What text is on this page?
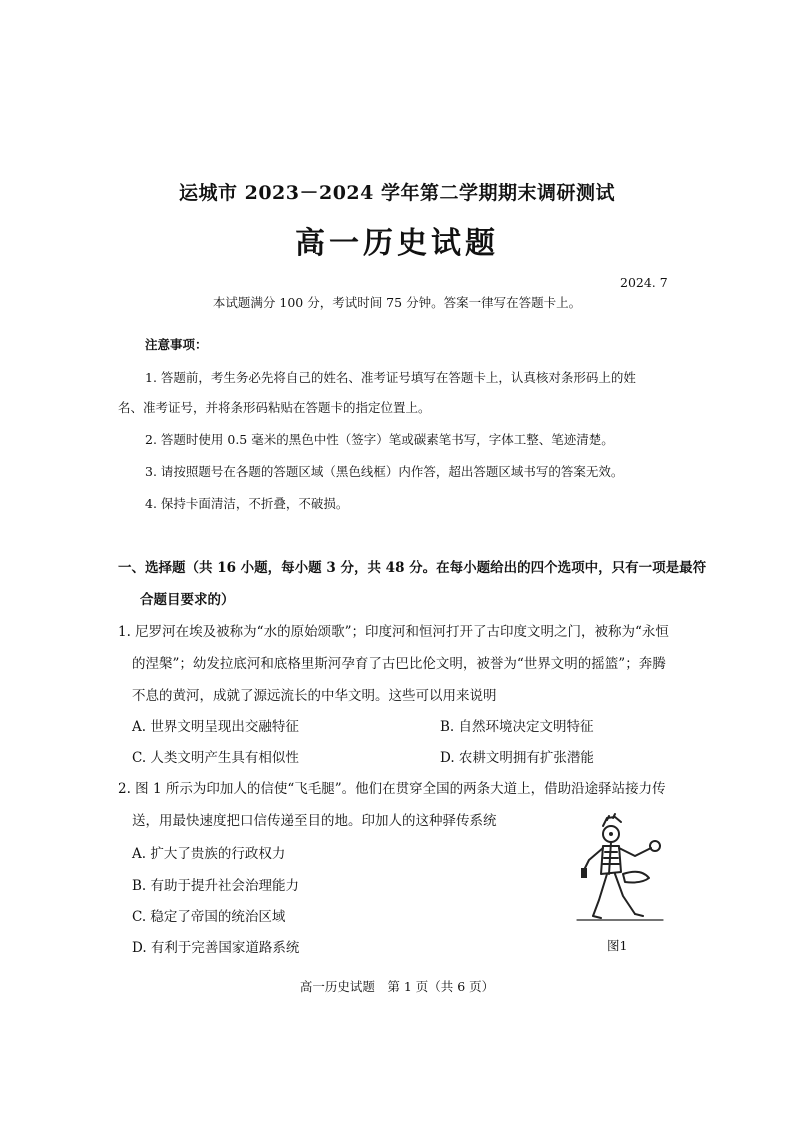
运城市 2023－2024 学年第二学期期末调研测试
高一历史试题
2024. 7
本试题满分 100 分，考试时间 75 分钟。答案一律写在答题卡上。
注意事项：
1. 答题前，考生务必先将自己的姓名、准考证号填写在答题卡上，认真核对条形码上的姓
名、准考证号，并将条形码粘贴在答题卡的指定位置上。
2. 答题时使用 0.5 毫米的黑色中性（签字）笔或碳素笔书写，字体工整、笔迹清楚。
3. 请按照题号在各题的答题区域（黑色线框）内作答，超出答题区域书写的答案无效。
4. 保持卡面清洁，不折叠，不破损。
一、选择题（共 16 小题，每小题 3 分，共 48 分。在每小题给出的四个选项中，只有一项是最符
合题目要求的）
1. 尼罗河在埃及被称为“水的原始颂歌”；印度河和恒河打开了古印度文明之门，被称为“永恒
的涅槃”；幼发拉底河和底格里斯河孕育了古巴比伦文明，被誉为“世界文明的摇篮”；奔腾
不息的黄河，成就了源远流长的中华文明。这些可以用来说明
A. 世界文明呈现出交融特征	B. 自然环境决定文明特征
C. 人类文明产生具有相似性	D. 农耕文明拥有扩张潜能
2. 图 1 所示为印加人的信使“飞毛腿”。他们在贯穿全国的两条大道上，借助沿途驿站接力传
送，用最快速度把口信传递至目的地。印加人的这种驿传系统
A. 扩大了贵族的行政权力
B. 有助于提升社会治理能力
C. 稳定了帝国的统治区域
D. 有利于完善国家道路系统	图1
高一历史试题　第 1 页（共 6 页）
